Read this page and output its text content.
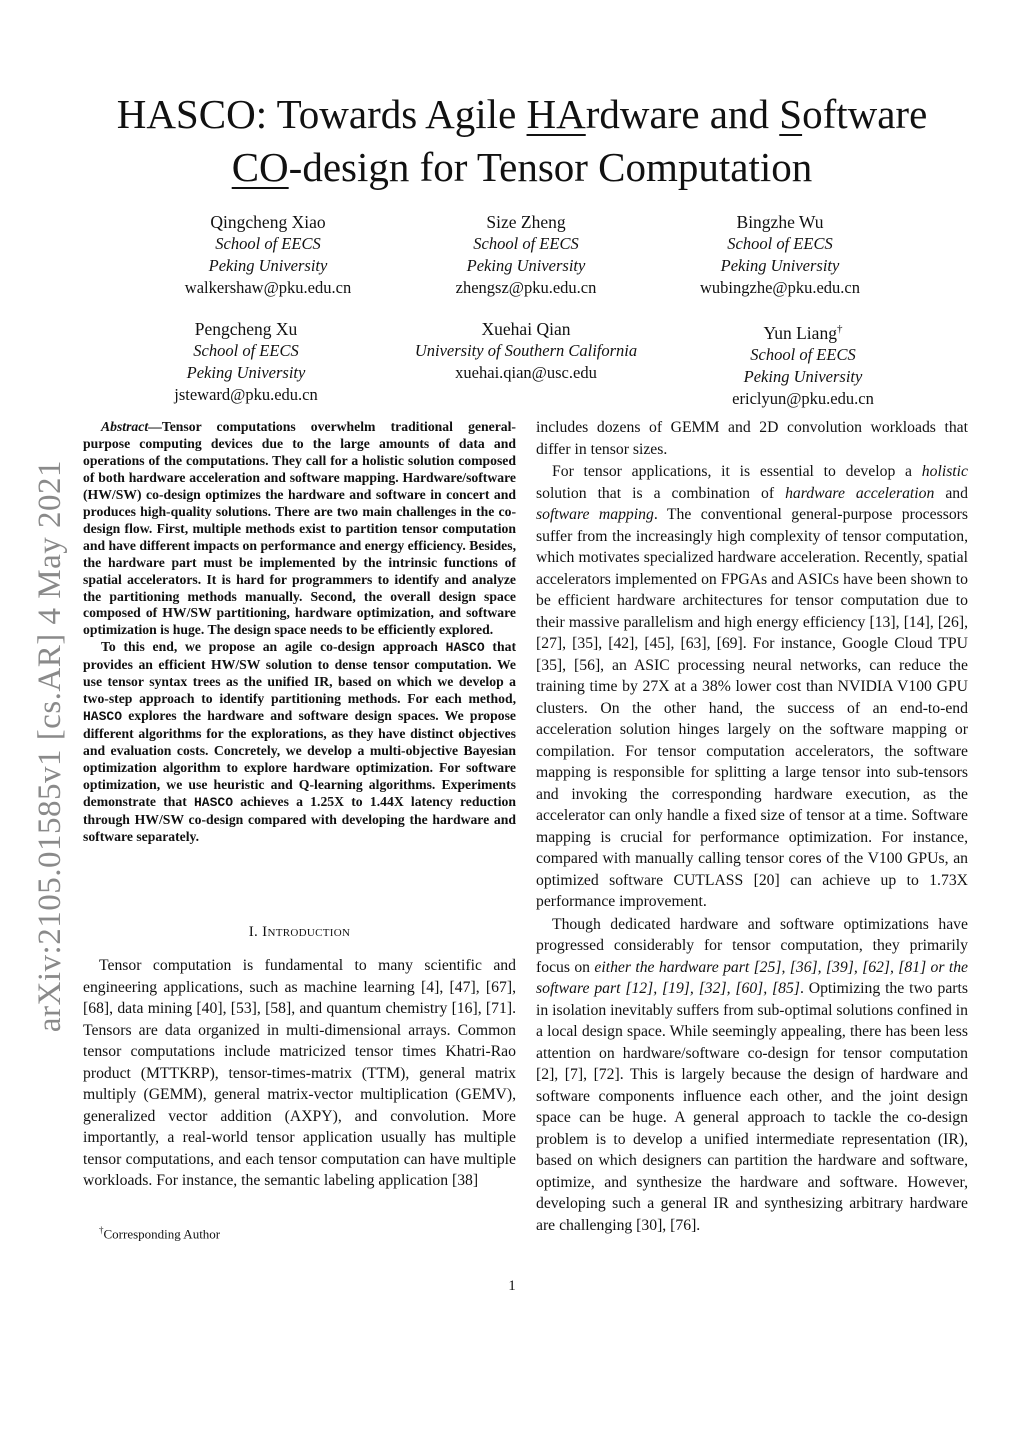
arXiv:2105.01585v1 [cs.AR] 4 May 2021
HASCO: Towards Agile HArdware and Software
CO-design for Tensor Computation
Qingcheng Xiao
School of EECS
Peking University
walkershaw@pku.edu.cn
Size Zheng
School of EECS
Peking University
zhengsz@pku.edu.cn
Bingzhe Wu
School of EECS
Peking University
wubingzhe@pku.edu.cn
Pengcheng Xu
School of EECS
Peking University
jsteward@pku.edu.cn
Xuehai Qian
University of Southern California
xuehai.qian@usc.edu
Yun Liang†
School of EECS
Peking University
ericlyun@pku.edu.cn

Abstract—Tensor computations overwhelm traditional general-purpose computing devices due to the large amounts of data and operations of the computations. They call for a holistic solution composed of both hardware acceleration and software mapping. Hardware/software (HW/SW) co-design optimizes the hardware and software in concert and produces high-quality solutions. There are two main challenges in the co-design flow. First, multiple methods exist to partition tensor computation and have different impacts on performance and energy efficiency. Besides, the hardware part must be implemented by the intrinsic functions of spatial accelerators. It is hard for programmers to identify and analyze the partitioning methods manually. Second, the overall design space composed of HW/SW partitioning, hardware optimization, and software optimization is huge. The design space needs to be efficiently explored.

To this end, we propose an agile co-design approach HASCO that provides an efficient HW/SW solution to dense tensor computation. We use tensor syntax trees as the unified IR, based on which we develop a two-step approach to identify partitioning methods. For each method, HASCO explores the hardware and software design spaces. We propose different algorithms for the explorations, as they have distinct objectives and evaluation costs. Concretely, we develop a multi-objective Bayesian optimization algorithm to explore hardware optimization. For software optimization, we use heuristic and Q-learning algorithms. Experiments demonstrate that HASCO achieves a 1.25X to 1.44X latency reduction through HW/SW co-design compared with developing the hardware and software separately.

I. Introduction

Tensor computation is fundamental to many scientific and engineering applications, such as machine learning [4], [47], [67], [68], data mining [40], [53], [58], and quantum chemistry [16], [71]. Tensors are data organized in multi-dimensional arrays. Common tensor computations include matricized tensor times Khatri-Rao product (MTTKRP), tensor-times-matrix (TTM), general matrix multiply (GEMM), general matrix-vector multiplication (GEMV), generalized vector addition (AXPY), and convolution. More importantly, a real-world tensor application usually has multiple tensor computations, and each tensor computation can have multiple workloads. For instance, the semantic labeling application [38]

includes dozens of GEMM and 2D convolution workloads that differ in tensor sizes.

For tensor applications, it is essential to develop a holistic solution that is a combination of hardware acceleration and software mapping. The conventional general-purpose processors suffer from the increasingly high complexity of tensor computation, which motivates specialized hardware acceleration. Recently, spatial accelerators implemented on FPGAs and ASICs have been shown to be efficient hardware architectures for tensor computation due to their massive parallelism and high energy efficiency [13], [14], [26], [27], [35], [42], [45], [63], [69]. For instance, Google Cloud TPU [35], [56], an ASIC processing neural networks, can reduce the training time by 27X at a 38% lower cost than NVIDIA V100 GPU clusters. On the other hand, the success of an end-to-end acceleration solution hinges largely on the software mapping or compilation. For tensor computation accelerators, the software mapping is responsible for splitting a large tensor into sub-tensors and invoking the corresponding hardware execution, as the accelerator can only handle a fixed size of tensor at a time. Software mapping is crucial for performance optimization. For instance, compared with manually calling tensor cores of the V100 GPUs, an optimized software CUTLASS [20] can achieve up to 1.73X performance improvement.

Though dedicated hardware and software optimizations have progressed considerably for tensor computation, they primarily focus on either the hardware part [25], [36], [39], [62], [81] or the software part [12], [19], [32], [60], [85]. Optimizing the two parts in isolation inevitably suffers from sub-optimal solutions confined in a local design space. While seemingly appealing, there has been less attention on hardware/software co-design for tensor computation [2], [7], [72]. This is largely because the design of hardware and software components influence each other, and the joint design space can be huge. A general approach to tackle the co-design problem is to develop a unified intermediate representation (IR), based on which designers can partition the hardware and software, optimize, and synthesize the hardware and software. However, developing such a general IR and synthesizing arbitrary hardware are challenging [30], [76].

†Corresponding Author
1
